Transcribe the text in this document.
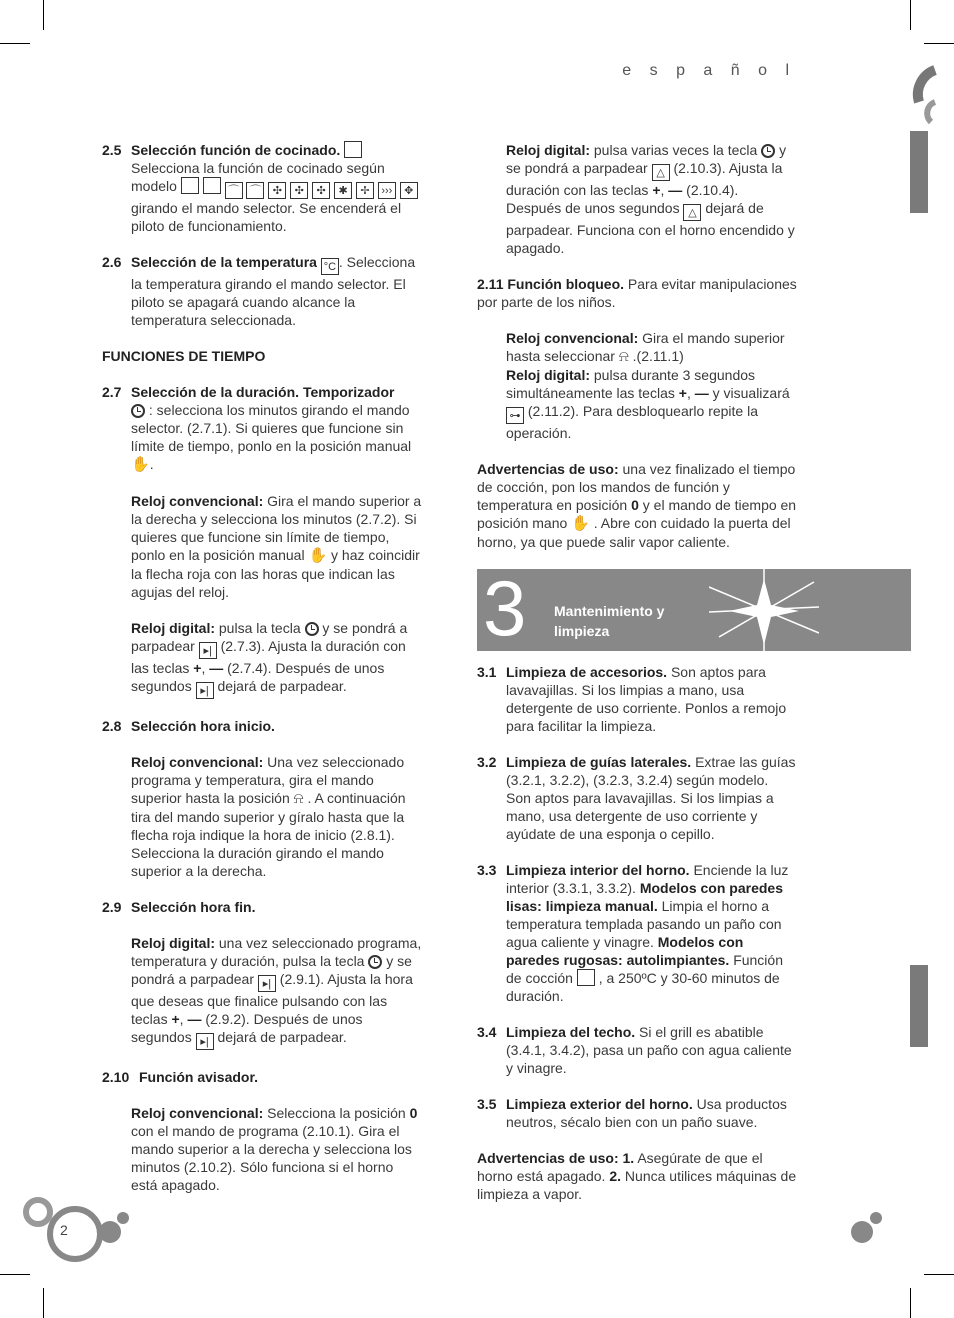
e s p a ñ o l
2.5 Selección función de cocinado.  Selecciona la función de cocinado según modelo	⌒ ⌒ ✣ ✣ ✣ ✱ ✢ ››› ✥ girando el mando selector. Se encenderá el piloto de funcionamiento.
2.6 Selección de la temperatura °C . Selecciona la temperatura girando el mando selector. El piloto se apagará cuando alcance la temperatura seleccionada.

FUNCIONES DE TIEMPO

2.7 Selección de la duración. Temporizador
: selecciona los minutos girando el mando selector. (2.7.1). Si quieres que funcione sin límite de tiempo, ponlo en la posición manual ✋.
Reloj convencional: Gira el mando superior a la derecha y selecciona los minutos (2.7.2). Si quieres que funcione sin límite de tiempo, ponlo en la posición manual ✋ y haz coincidir la flecha roja con las horas que indican las agujas del reloj.
Reloj digital: pulsa la tecla y se pondrá a parpadear ▸| (2.7.3). Ajusta la duración con las teclas +, — (2.7.4). Después de unos segundos ▸| dejará de parpadear.
2.8 Selección hora inicio.
Reloj convencional: Una vez seleccionado programa y temperatura, gira el mando superior hasta la posición ⍾ . A continuación tira del mando superior y gíralo hasta que la flecha roja indique la hora de inicio (2.8.1). Selecciona la duración girando el mando superior a la derecha.
2.9 Selección hora fin.
Reloj digital: una vez seleccionado programa, temperatura y duración, pulsa la tecla y se pondrá a parpadear ▸| (2.9.1). Ajusta la hora que deseas que finalice pulsando con las teclas +, — (2.9.2). Después de unos segundos ▸| dejará de parpadear.
2.10 Función avisador.
Reloj convencional: Selecciona la posición 0 con el mando de programa (2.10.1). Gira el mando superior a la derecha y selecciona los minutos (2.10.2). Sólo funciona si el horno está apagado.
Reloj digital: pulsa varias veces la tecla y se pondrá a parpadear △ (2.10.3). Ajusta la duración con las teclas +, — (2.10.4). Después de unos segundos △ dejará de parpadear. Funciona con el horno encendido y apagado.
2.11 Función bloqueo. Para evitar manipulaciones por parte de los niños.
Reloj convencional: Gira el mando superior hasta seleccionar ⍾ .(2.11.1)
Reloj digital: pulsa durante 3 segundos simultáneamente las teclas +, — y visualizará ⊶ (2.11.2). Para desbloquearlo repite la operación.

Advertencias de uso: una vez finalizado el tiempo de cocción, pon los mandos de función y temperatura en posición 0 y el mando de tiempo en posición mano ✋ . Abre con cuidado la puerta del horno, ya que puede salir vapor caliente.

3 Mantenimiento y
limpieza
3.1 Limpieza de accesorios. Son aptos para lavavajillas. Si los limpias a mano, usa detergente de uso corriente. Ponlos a remojo para facilitar la limpieza.
3.2 Limpieza de guías laterales. Extrae las guías (3.2.1, 3.2.2), (3.2.3, 3.2.4) según modelo. Son aptos para lavavajillas. Si los limpias a mano, usa detergente de uso corriente y ayúdate de una esponja o cepillo.
3.3 Limpieza interior del horno. Enciende la luz interior (3.3.1, 3.3.2). Modelos con paredes lisas: limpieza manual. Limpia el horno a temperatura templada pasando un paño con agua caliente y vinagre. Modelos con paredes rugosas: autolimpiantes. Función de cocción , a 250ºC y 30-60 minutos de duración.
3.4 Limpieza del techo. Si el grill es abatible (3.4.1, 3.4.2), pasa un paño con agua caliente y vinagre.
3.5 Limpieza exterior del horno. Usa productos neutros, sécalo bien con un paño suave.

Advertencias de uso: 1. Asegúrate de que el horno está apagado. 2. Nunca utilices máquinas de limpieza a vapor.

2
